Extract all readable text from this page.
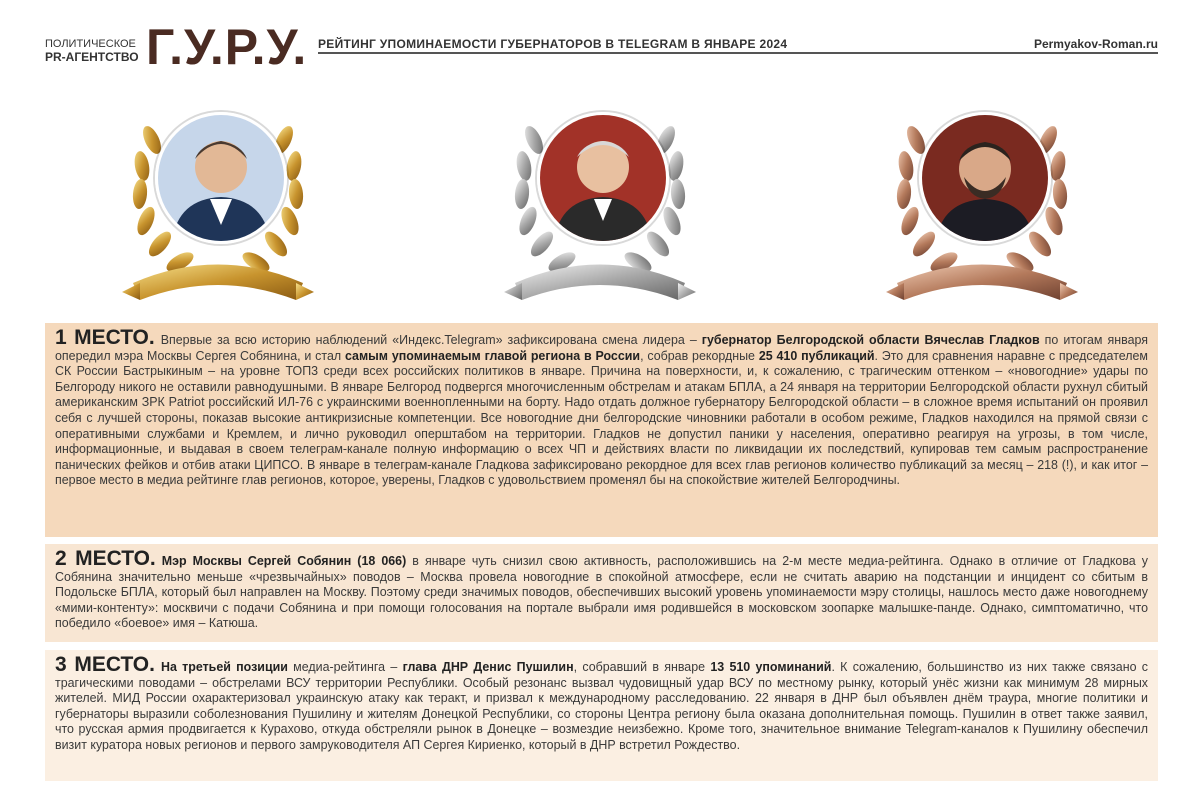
ПОЛИТИЧЕСКОЕ
PR-АГЕНТСТВО Г.У.Р.У. РЕЙТИНГ УПОМИНАЕМОСТИ ГУБЕРНАТОРОВ В TELEGRAM В ЯНВАРЕ 2024	Permyakov-Roman.ru
1 МЕСТО. Впервые за всю историю наблюдений «Индекс.Telegram» зафиксирована смена лидера – губернатор Белгородской области Вячеслав Гладков по итогам января опередил мэра Москвы Сергея Собянина, и стал самым упоминаемым главой региона в России, собрав рекордные 25 410 публикаций. Это для сравнения наравне с председателем СК России Бастрыкиным – на уровне ТОП3 среди всех российских политиков в январе. Причина на поверхности, и, к сожалению, с трагическим оттенком – «новогодние» удары по Белгороду никого не оставили равнодушными. В январе Белгород подвергся многочисленным обстрелам и атакам БПЛА, а 24 января на территории Белгородской области рухнул сбитый американским ЗРК Patriot российский ИЛ-76 с украинскими военнопленными на борту. Надо отдать должное губернатору Белгородской области – в сложное время испытаний он проявил себя с лучшей стороны, показав высокие антикризисные компетенции. Все новогодние дни белгородские чиновники работали в особом режиме, Гладков находился на прямой связи с оперативными службами и Кремлем, и лично руководил оперштабом на территории. Гладков не допустил паники у населения, оперативно реагируя на угрозы, в том числе, информационные, и выдавая в своем телеграм-канале полную информацию о всех ЧП и действиях власти по ликвидации их последствий, купировав тем самым распространение панических фейков и отбив атаки ЦИПСО. В январе в телеграм-канале Гладкова зафиксировано рекордное для всех глав регионов количество публикаций за месяц – 218 (!), и как итог – первое место в медиа рейтинге глав регионов, которое, уверены, Гладков с удовольствием променял бы на спокойствие жителей Белгородчины.
2 МЕСТО. Мэр Москвы Сергей Собянин (18 066) в январе чуть снизил свою активность, расположившись на 2-м месте медиа-рейтинга. Однако в отличие от Гладкова у Собянина значительно меньше «чрезвычайных» поводов – Москва провела новогодние в спокойной атмосфере, если не считать аварию на подстанции и инцидент со сбитым в Подольске БПЛА, который был направлен на Москву. Поэтому среди значимых поводов, обеспечивших высокий уровень упоминаемости мэру столицы, нашлось место даже новогоднему «мими-контенту»: москвичи с подачи Собянина и при помощи голосования на портале выбрали имя родившейся в московском зоопарке малышке-панде. Однако, симптоматично, что победило «боевое» имя – Катюша.
3 МЕСТО. На третьей позиции медиа-рейтинга – глава ДНР Денис Пушилин, собравший в январе 13 510 упоминаний. К сожалению, большинство из них также связано с трагическими поводами – обстрелами ВСУ территории Республики. Особый резонанс вызвал чудовищный удар ВСУ по местному рынку, который унёс жизни как минимум 28 мирных жителей. МИД России охарактеризовал украинскую атаку как теракт, и призвал к международному расследованию. 22 января в ДНР был объявлен днём траура, многие политики и губернаторы выразили соболезнования Пушилину и жителям Донецкой Республики, со стороны Центра региону была оказана дополнительная помощь. Пушилин в ответ также заявил, что русская армия продвигается к Курахово, откуда обстреляли рынок в Донецке – возмездие неизбежно. Кроме того, значительное внимание Telegram-каналов к Пушилину обеспечил визит куратора новых регионов и первого замруководителя АП Сергея Кириенко, который в ДНР встретил Рождество.
